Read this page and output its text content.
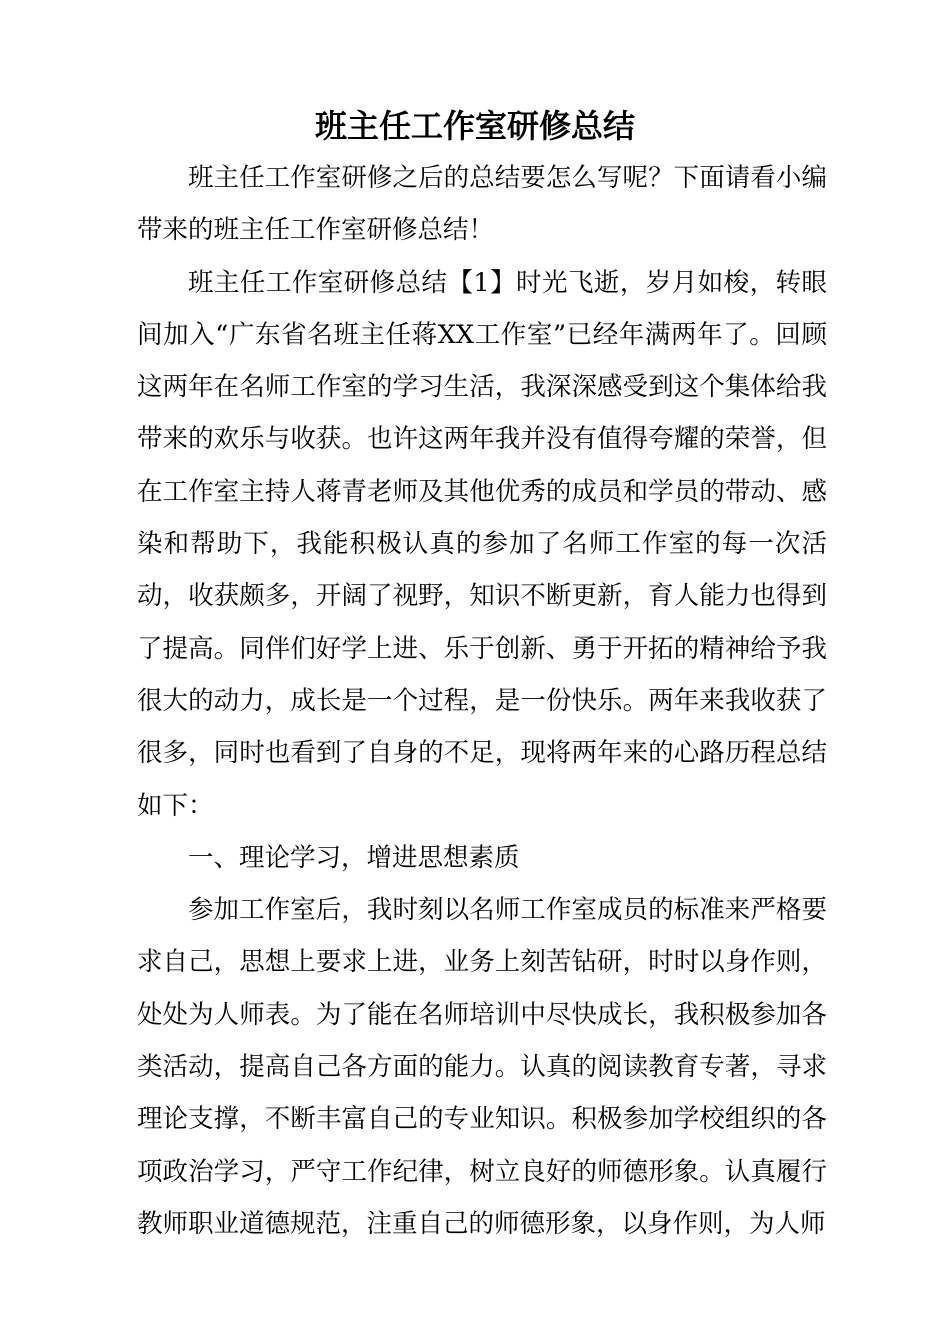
班主任工作室研修总结

班主任工作室研修之后的总结要怎么写呢？下面请看小编带来的班主任工作室研修总结！

班主任工作室研修总结【1】时光飞逝，岁月如梭，转眼间加入“广东省名班主任蒋XX工作室”已经年满两年了。回顾这两年在名师工作室的学习生活，我深深感受到这个集体给我带来的欢乐与收获。也许这两年我并没有值得夸耀的荣誉，但在工作室主持人蒋青老师及其他优秀的成员和学员的带动、感染和帮助下，我能积极认真的参加了名师工作室的每一次活动，收获颇多，开阔了视野，知识不断更新，育人能力也得到了提高。同伴们好学上进、乐于创新、勇于开拓的精神给予我很大的动力，成长是一个过程，是一份快乐。两年来我收获了很多，同时也看到了自身的不足，现将两年来的心路历程总结如下：

一、理论学习，增进思想素质

参加工作室后，我时刻以名师工作室成员的标准来严格要求自己，思想上要求上进，业务上刻苦钻研，时时以身作则，处处为人师表。为了能在名师培训中尽快成长，我积极参加各类活动，提高自己各方面的能力。认真的阅读教育专著，寻求理论支撑，不断丰富自己的专业知识。积极参加学校组织的各项政治学习，严守工作纪律，树立良好的师德形象。认真履行教师职业道德规范，注重自己的师德形象，以身作则，为人师
